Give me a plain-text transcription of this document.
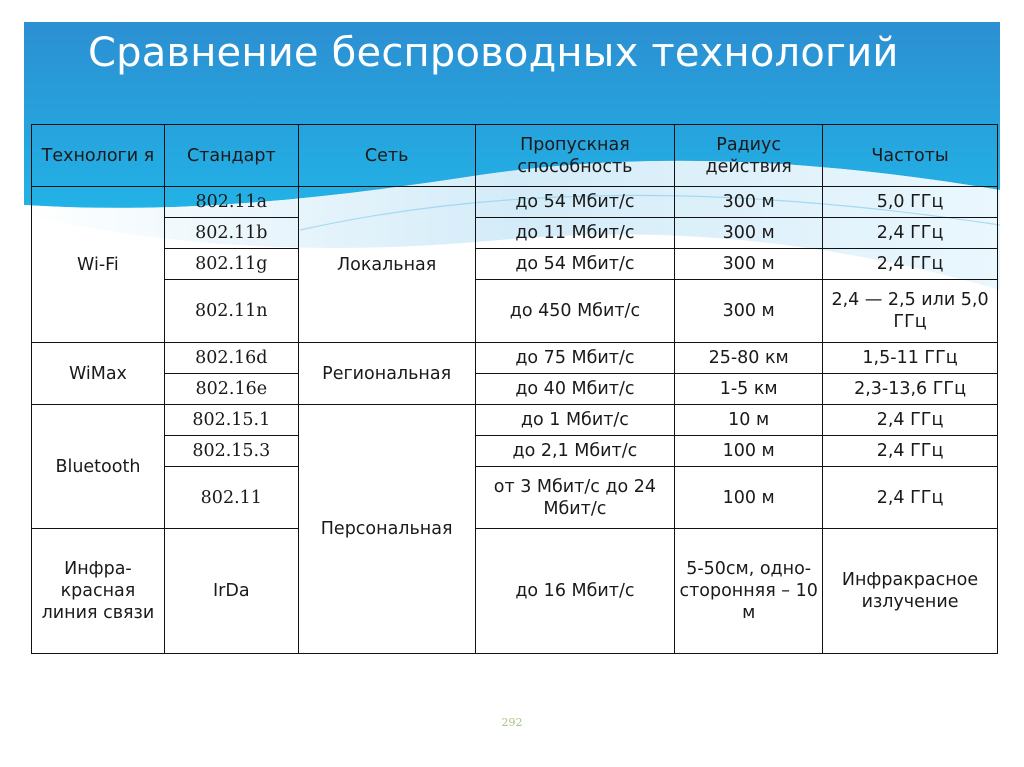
Сравнение беспроводных технологий
Технологи я	Стандарт	Сеть	Пропускная способность	Радиус действия	Частоты
Wi-Fi	802.11a	Локальная	до 54 Мбит/с	300 м	5,0 ГГц
	802.11b		до 11 Мбит/с	300 м	2,4 ГГц
	802.11g		до 54 Мбит/с	300 м	2,4 ГГц
	802.11n		до 450 Мбит/с	300 м	2,4 — 2,5 или 5,0 ГГц
WiMax	802.16d	Региональная	до 75 Мбит/с	25-80 км	1,5-11 ГГц
	802.16e		до 40 Мбит/с	1-5 км	2,3-13,6 ГГц
Bluetooth	802.15.1	Персональная	до 1 Мбит/с	10 м	2,4 ГГц
	802.15.3		до 2,1 Мбит/с	100 м	2,4 ГГц
	802.11		от 3 Мбит/с до 24 Мбит/с	100 м	2,4 ГГц
Инфра- красная линия связи	IrDa		до 16 Мбит/с	5-50см, одно- сторонняя – 10 м	Инфракрасное излучение
292
